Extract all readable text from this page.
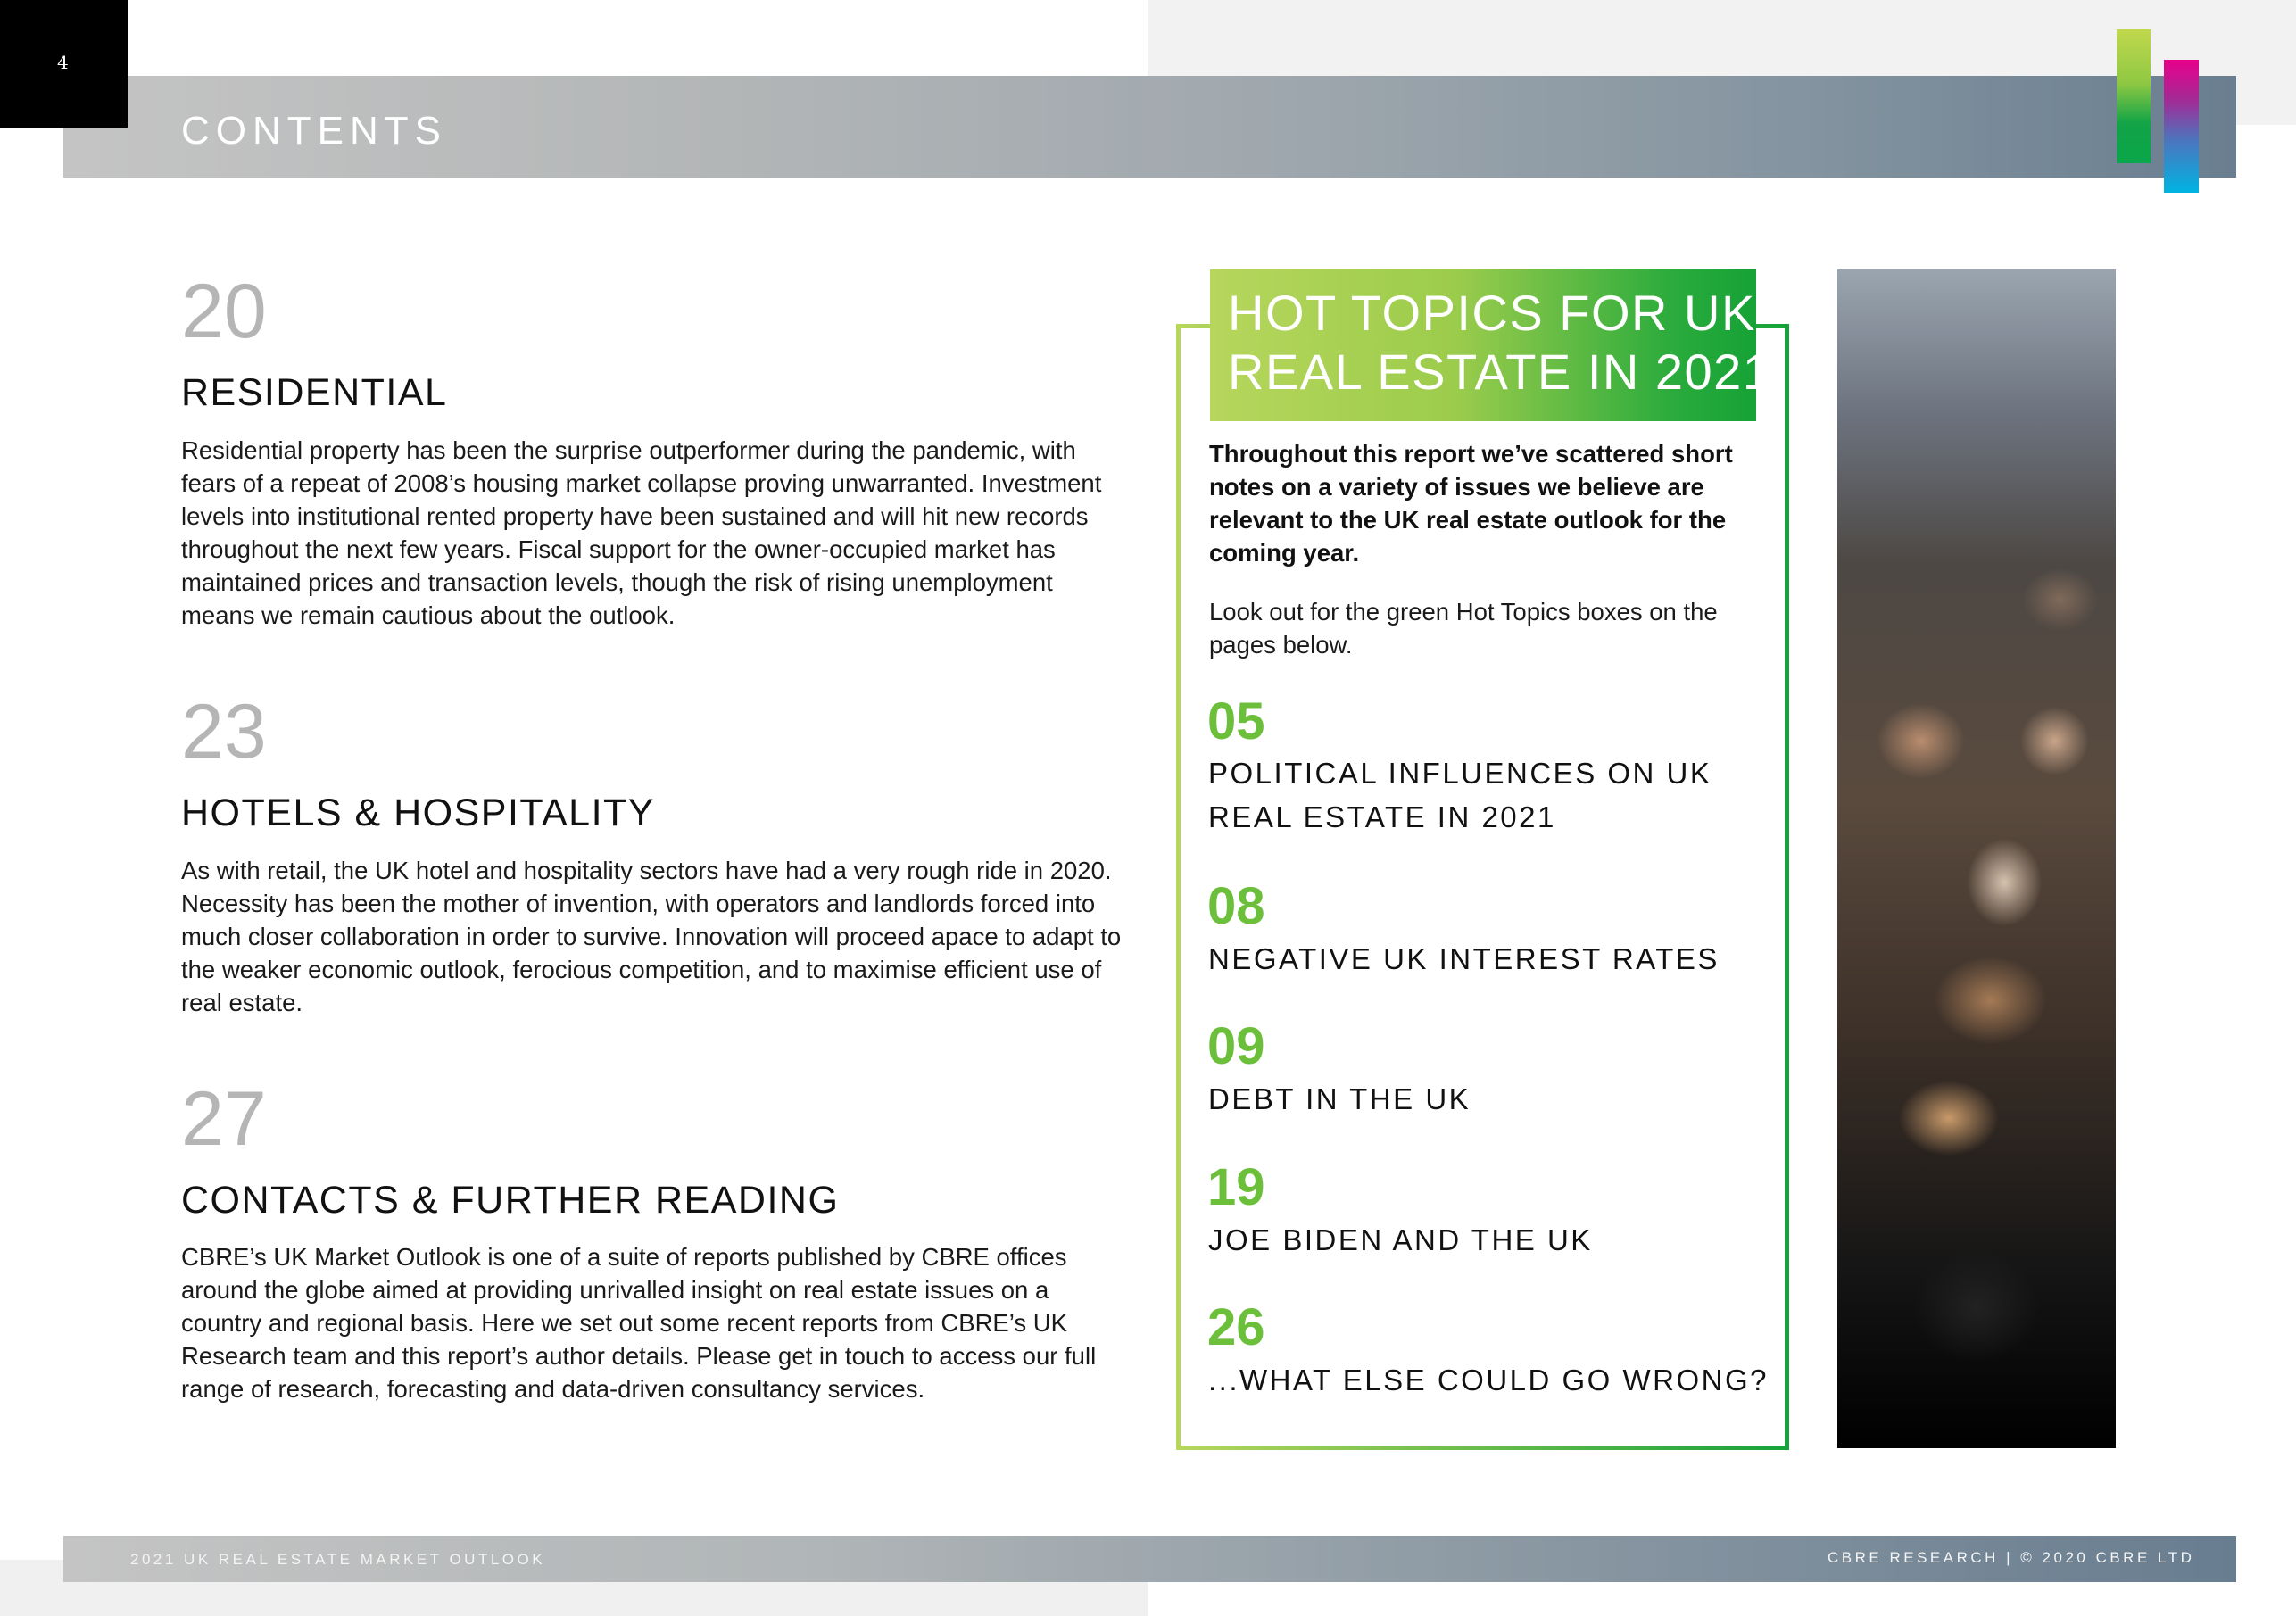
4
CONTENTS
20
RESIDENTIAL
Residential property has been the surprise outperformer during the pandemic, with fears of a repeat of 2008’s housing market collapse proving unwarranted. Investment levels into institutional rented property have been sustained and will hit new records throughout the next few years. Fiscal support for the owner-occupied market has maintained prices and transaction levels, though the risk of rising unemployment means we remain cautious about the outlook.
23
HOTELS & HOSPITALITY
As with retail, the UK hotel and hospitality sectors have had a very rough ride in 2020. Necessity has been the mother of invention, with operators and landlords forced into much closer collaboration in order to survive. Innovation will proceed apace to adapt to the weaker economic outlook, ferocious competition, and to maximise efficient use of real estate.
27
CONTACTS & FURTHER READING
CBRE’s UK Market Outlook is one of a suite of reports published by CBRE offices around the globe aimed at providing unrivalled insight on real estate issues on a country and regional basis. Here we set out some recent reports from CBRE’s UK Research team and this report’s author details. Please get in touch to access our full range of research, forecasting and data-driven consultancy services.
HOT TOPICS FOR UK
REAL ESTATE IN 2021
Throughout this report we’ve scattered short notes on a variety of issues we believe are relevant to the UK real estate outlook for the coming year.
Look out for the green Hot Topics boxes on the pages below.
05
POLITICAL INFLUENCES ON UK
REAL ESTATE IN 2021
08
NEGATIVE UK INTEREST RATES
09
DEBT IN THE UK
19
JOE BIDEN AND THE UK
26
...WHAT ELSE COULD GO WRONG?
2021 UK REAL ESTATE MARKET OUTLOOK	CBRE RESEARCH | © 2020 CBRE LTD
